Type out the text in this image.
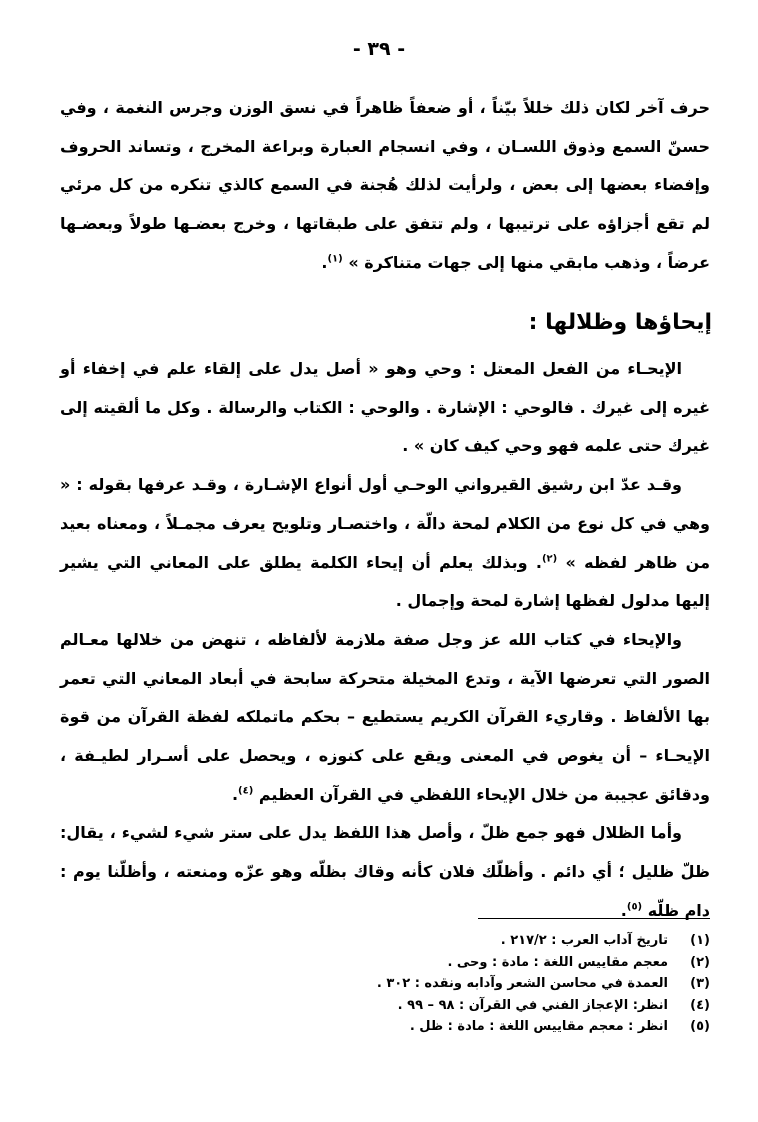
- ٣٩ -

حرف آخر لكان ذلك خللاً بيّناً ، أو ضعفاً ظاهراً في نسق الوزن وجرس النغمة ، وفي حسنّ السمع وذوق اللسـان ، وفي انسجام العبارة وبراعة المخرج ، وتساند الحروف وإفضاء بعضها إلى بعض ، ولرأيت لذلك هُجنة في السمع كالذي تنكره من كل مرئي لم تقع أجزاؤه على ترتيبها ، ولم تتفق على طبقاتها ، وخرج بعضـها طولاً وبعضـها عرضاً ، وذهب مابقي منها إلى جهات متناكرة » $^{(١)}$.

إيحاؤها وظلالها :

الإيحـاء من الفعل المعتل : وحي وهو « أصل يدل على إلقاء علم في إخفاء أو غيره إلى غيرك . فالوحي : الإشارة . والوحي : الكتاب والرسالة . وكل ما ألقيته إلى غيرك حتى علمه فهو وحي كيف كان » .

وقـد عدّ ابن رشيق القيرواني الوحـي أول أنواع الإشـارة ، وقـد عرفها بقوله : « وهي في كل نوع من الكلام لمحة دالّة ، واختصـار وتلويح يعرف مجمـلاً ، ومعناه بعيد من ظاهر لفظه » $^{(٢)}$. وبذلك يعلم أن إيحاء الكلمة يطلق على المعاني التي يشير إليها مدلول لفظها إشارة لمحة وإجمال .

والإيحاء في كتاب الله عز وجل صفة ملازمة لألفاظه ، تنهض من خلالها معـالم الصور التي تعرضها الآية ، وتدع المخيلة متحركة سابحة في أبعاد المعاني التي تعمر بها الألفاظ . وقاريء القرآن الكريم يستطيع – بحكم ماتملكه لفظة القرآن من قوة الإيحـاء – أن يغوص في المعنى ويقع على كنوزه ، ويحصل على أسـرار لطيـفة ، ودقائق عجيبة من خلال الإيحاء اللفظي في القرآن العظيم $^{(٤)}$.

وأما الظلال فهو جمع ظلّ ، وأصل هذا اللفظ يدل على ستر شيء لشيء ، يقال: ظلّ ظليل ؛ أي دائم . وأظلّك فلان كأنه وقاك بظلّه وهو عزّه ومنعته ، وأظلّنا يوم : دام ظلّه $^{(٥)}$.

(١)
تاريخ آداب العرب : ٢١٧/٢ .
(٢)
معجم مقاييس اللغة : مادة : وحى .
(٣)
العمدة في محاسن الشعر وآدابه ونقده : ٣٠٢ .
(٤)
انظر: الإعجاز الفني في القرآن : ٩٨ – ٩٩ .
(٥)
انظر : معجم مقاييس اللغة : مادة : ظل .
